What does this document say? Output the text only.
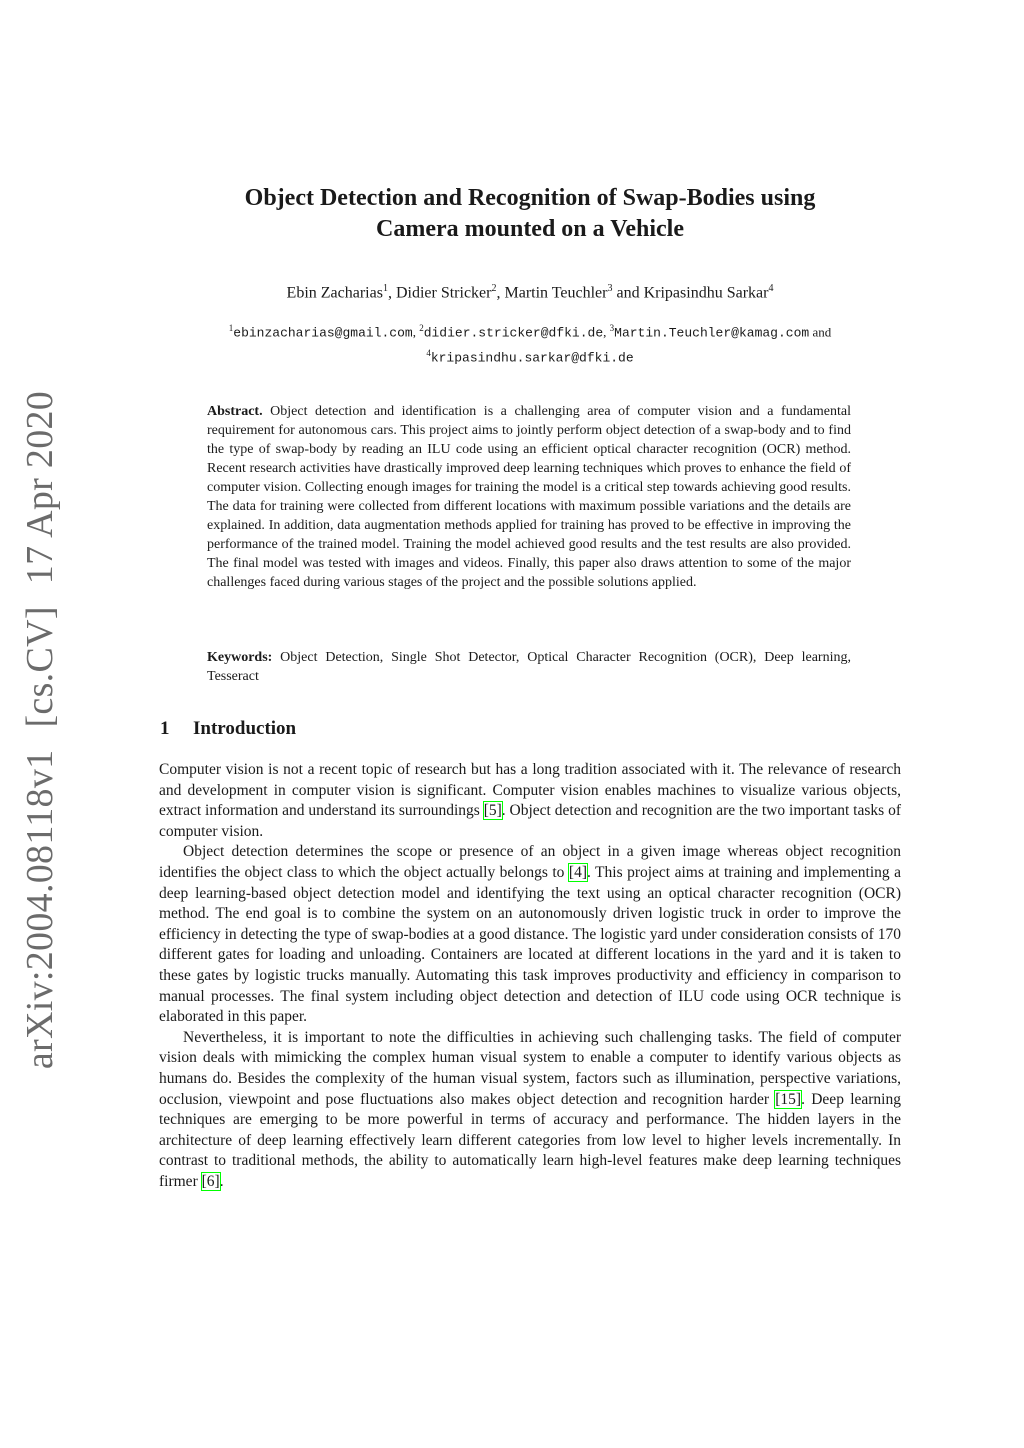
arXiv:2004.08118v1[cs.CV]17 Apr 2020
Object Detection and Recognition of Swap-Bodies using
Camera mounted on a Vehicle
Ebin Zacharias$^1$, Didier Stricker$^2$, Martin Teuchler$^3$ and Kripasindhu Sarkar$^4$
$^1$ebinzacharias@gmail.com, $^2$didier.stricker@dfki.de, $^3$Martin.Teuchler@kamag.com and
$^4$kripasindhu.sarkar@dfki.de
Abstract. Object detection and identification is a challenging area of computer vision and a fundamental requirement for autonomous cars. This project aims to jointly perform object detection of a swap-body and to find the type of swap-body by reading an ILU code using an efficient optical character recognition (OCR) method. Recent research activities have drastically improved deep learning techniques which proves to enhance the field of computer vision. Collecting enough images for training the model is a critical step towards achieving good results. The data for training were collected from different locations with maximum possible variations and the details are explained. In addition, data augmentation methods applied for training has proved to be effective in improving the performance of the trained model. Training the model achieved good results and the test results are also provided. The final model was tested with images and videos. Finally, this paper also draws attention to some of the major challenges faced during various stages of the project and the possible solutions applied.
Keywords: Object Detection, Single Shot Detector, Optical Character Recognition (OCR), Deep learning, Tesseract
1 Introduction

Computer vision is not a recent topic of research but has a long tradition associated with it. The relevance of research and development in computer vision is significant. Computer vision enables machines to visualize various objects, extract information and understand its surroundings [5]. Object detection and recognition are the two important tasks of computer vision.

Object detection determines the scope or presence of an object in a given image whereas object recognition identifies the object class to which the object actually belongs to [4]. This project aims at training and implementing a deep learning-based object detection model and identifying the text using an optical character recognition (OCR) method. The end goal is to combine the system on an autonomously driven logistic truck in order to improve the efficiency in detecting the type of swap-bodies at a good distance. The logistic yard under consideration consists of 170 different gates for loading and unloading. Containers are located at different locations in the yard and it is taken to these gates by logistic trucks manually. Automating this task improves productivity and efficiency in comparison to manual processes. The final system including object detection and detection of ILU code using OCR technique is elaborated in this paper.

Nevertheless, it is important to note the difficulties in achieving such challenging tasks. The field of computer vision deals with mimicking the complex human visual system to enable a computer to identify various objects as humans do. Besides the complexity of the human visual system, factors such as illumination, perspective variations, occlusion, viewpoint and pose fluctuations also makes object detection and recognition harder [15]. Deep learning techniques are emerging to be more powerful in terms of accuracy and performance. The hidden layers in the architecture of deep learning effectively learn different categories from low level to higher levels incrementally. In contrast to traditional methods, the ability to automatically learn high-level features make deep learning techniques firmer [6].
